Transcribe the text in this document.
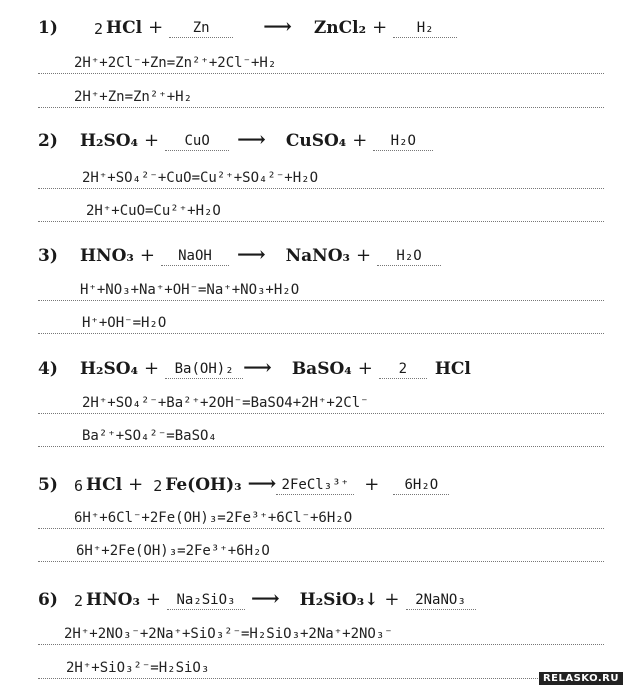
1)	2 HCl +	Zn	⟶ ZnCl₂ +	H₂
2H⁺+2Cl⁻+Zn=Zn²⁺+2Cl⁻+H₂
2H⁺+Zn=Zn²⁺+H₂
2)	H₂SO₄ +	CuO	⟶ CuSO₄ +	H₂O
2H⁺+SO₄²⁻+CuO=Cu²⁺+SO₄²⁻+H₂O
2H⁺+CuO=Cu²⁺+H₂O
3)	HNO₃ +	NaOH	⟶ NaNO₃ +	H₂O
H⁺+NO₃+Na⁺+OH⁻=Na⁺+NO₃+H₂O
H⁺+OH⁻=H₂O
4)	H₂SO₄ +	Ba(OH)₂ ⟶ BaSO₄ +	2	HCl
2H⁺+SO₄²⁻+Ba²⁺+2OH⁻=BaSO4+2H⁺+2Cl⁻
Ba²⁺+SO₄²⁻=BaSO₄
5)	6 HCl + 2 Fe(OH)₃ ⟶ 2FeCl₃³⁺ +	6H₂O
6H⁺+6Cl⁻+2Fe(OH)₃=2Fe³⁺+6Cl⁻+6H₂O
6H⁺+2Fe(OH)₃=2Fe³⁺+6H₂O
6)	2 HNO₃ +	Na₂SiO₃ ⟶ H₂SiO₃↓ +	2NaNO₃
2H⁺+2NO₃⁻+2Na⁺+SiO₃²⁻=H₂SiO₃+2Na⁺+2NO₃⁻
2H⁺+SiO₃²⁻=H₂SiO₃
RELASKO.RU
